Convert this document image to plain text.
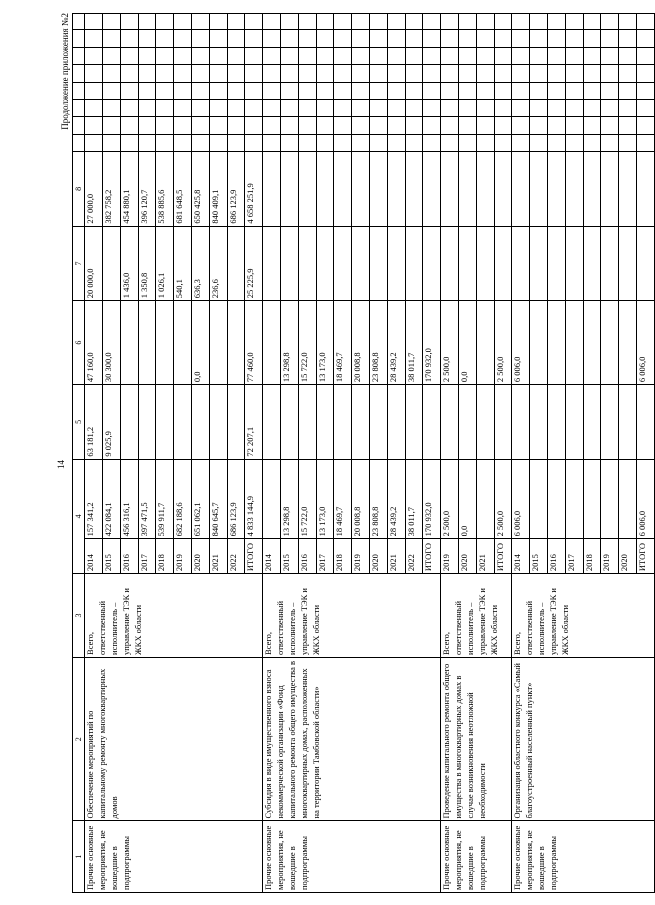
14
Продолжение приложения №2
1	2	3	4		5	6	7	8								
Прочие основные мероприятия, не вошедшие в подпрограммы	Обеспечение мероприятий по капитальному ремонту многоквартирных домов	Всего, ответственный исполнитель – управление ТЭК и ЖКХ области	2014	157 341,2	63 181,2	47 160,0	20 000,0	27 000,0								
			2015	422 084,1	9 025,9	30 300,0		382 758,2								
			2016	456 316,1			1 436,0	454 880,1								
			2017	397 471,5			1 350,8	396 120,7								
			2018	539 911,7			1 026,1	538 885,6								
			2019	682 188,6			540,1	681 648,5								
			2020	651 062,1		0,0	636,3	650 425,8								
			2021	840 645,7			236,6	840 409,1								
			2022	686 123,9				686 123,9								
			ИТОГО	4 833 144,9	72 207,1	77 460,0	25 225,9	4 658 251,9								
Прочие основные мероприятия, не вошедшие в подпрограммы	Субсидия в виде имущественного взноса некоммерческой организации «Фонд капитального ремонта общего имущества в многоквартирных домах, расположенных на территории Тамбовской области»	Всего, ответственный исполнитель – управление ТЭК и ЖКХ области	2014													
			2015	13 298,8		13 298,8										
			2016	15 722,0		15 722,0										
			2017	13 173,0		13 173,0										
			2018	18 469,7		18 469,7										
			2019	20 008,8		20 008,8										
			2020	23 808,8		23 808,8										
			2021	28 439,2		28 439,2										
			2022	38 011,7		38 011,7										
			ИТОГО	170 932,0		170 932,0										
Прочие основные мероприятия, не вошедшие в подпрограммы	Проведение капитального ремонта общего имущества в многоквартирных домах в случае возникновения неотложной необходимости	Всего, ответственный исполнитель – управление ТЭК и ЖКХ области	2019	2 500,0		2 500,0										
			2020	0,0		0,0										
			2021													
			ИТОГО	2 500,0		2 500,0										
Прочие основные мероприятия, не вошедшие в подпрограммы	Организация областного конкурса «Самый благоустроенный населенный пункт»	Всего, ответственный исполнитель – управление ТЭК и ЖКХ области	2014	6 006,0		6 006,0										
			2015													
			2016													
			2017													
			2018													
			2019													
			2020													
			ИТОГО	6 006,0		6 006,0										
